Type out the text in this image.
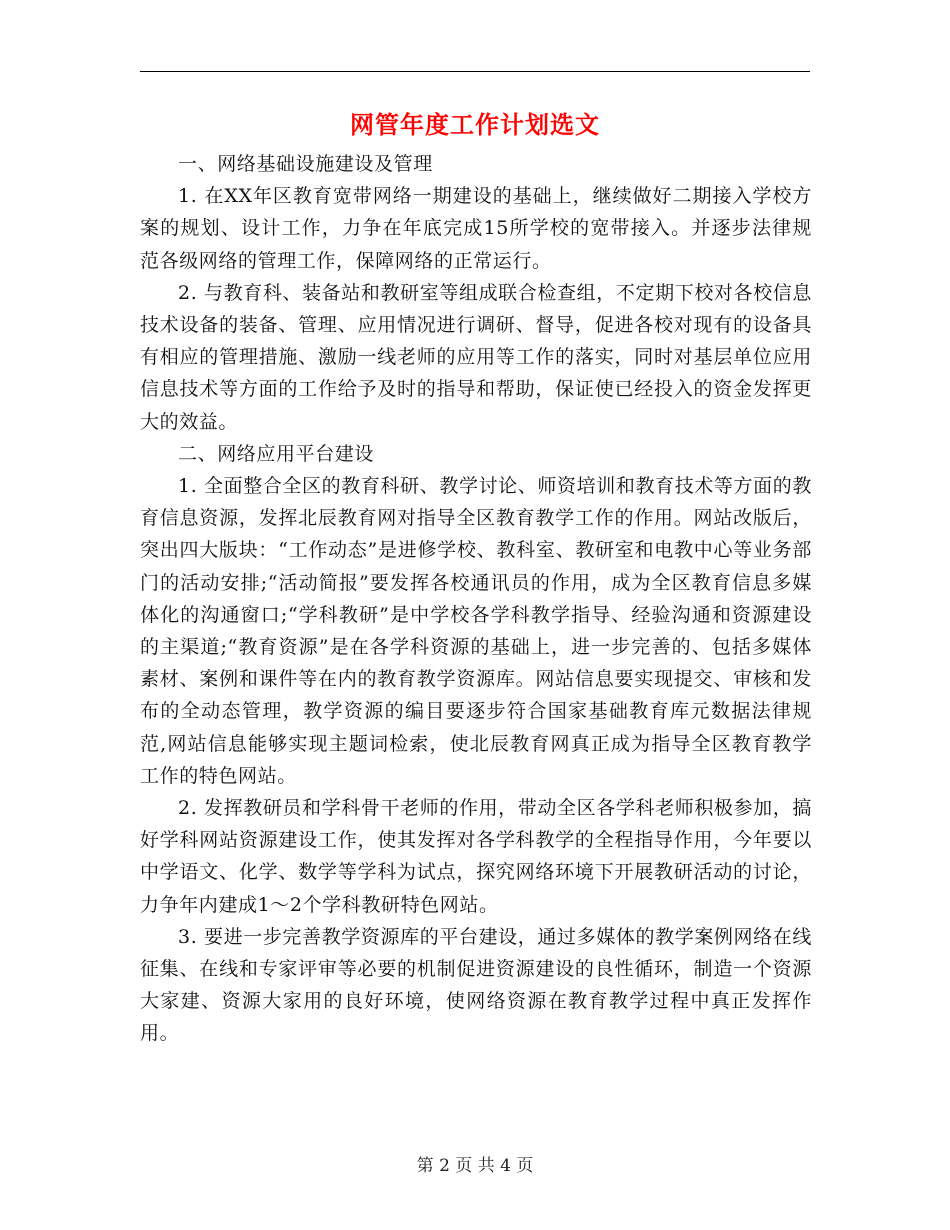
网管年度工作计划选文

一、网络基础设施建设及管理

1. 在XX年区教育宽带网络一期建设的基础上，继续做好二期接入学校方案的规划、设计工作，力争在年底完成15所学校的宽带接入。并逐步法律规范各级网络的管理工作，保障网络的正常运行。

2. 与教育科、装备站和教研室等组成联合检查组，不定期下校对各校信息技术设备的装备、管理、应用情况进行调研、督导，促进各校对现有的设备具有相应的管理措施、激励一线老师的应用等工作的落实，同时对基层单位应用信息技术等方面的工作给予及时的指导和帮助，保证使已经投入的资金发挥更大的效益。

二、网络应用平台建设

1. 全面整合全区的教育科研、教学讨论、师资培训和教育技术等方面的教育信息资源，发挥北辰教育网对指导全区教育教学工作的作用。网站改版后，突出四大版块：“工作动态”是进修学校、教科室、教研室和电教中心等业务部门的活动安排;“活动简报”要发挥各校通讯员的作用，成为全区教育信息多媒体化的沟通窗口;“学科教研”是中学校各学科教学指导、经验沟通和资源建设的主渠道;“教育资源”是在各学科资源的基础上，进一步完善的、包括多媒体素材、案例和课件等在内的教育教学资源库。网站信息要实现提交、审核和发布的全动态管理，教学资源的编目要逐步符合国家基础教育库元数据法律规范,网站信息能够实现主题词检索，使北辰教育网真正成为指导全区教育教学工作的特色网站。

2. 发挥教研员和学科骨干老师的作用，带动全区各学科老师积极参加，搞好学科网站资源建设工作，使其发挥对各学科教学的全程指导作用，今年要以中学语文、化学、数学等学科为试点，探究网络环境下开展教研活动的讨论，力争年内建成1～2个学科教研特色网站。

3. 要进一步完善教学资源库的平台建设，通过多媒体的教学案例网络在线征集、在线和专家评审等必要的机制促进资源建设的良性循环，制造一个资源大家建、资源大家用的良好环境，使网络资源在教育教学过程中真正发挥作用。

第 2 页 共 4 页
